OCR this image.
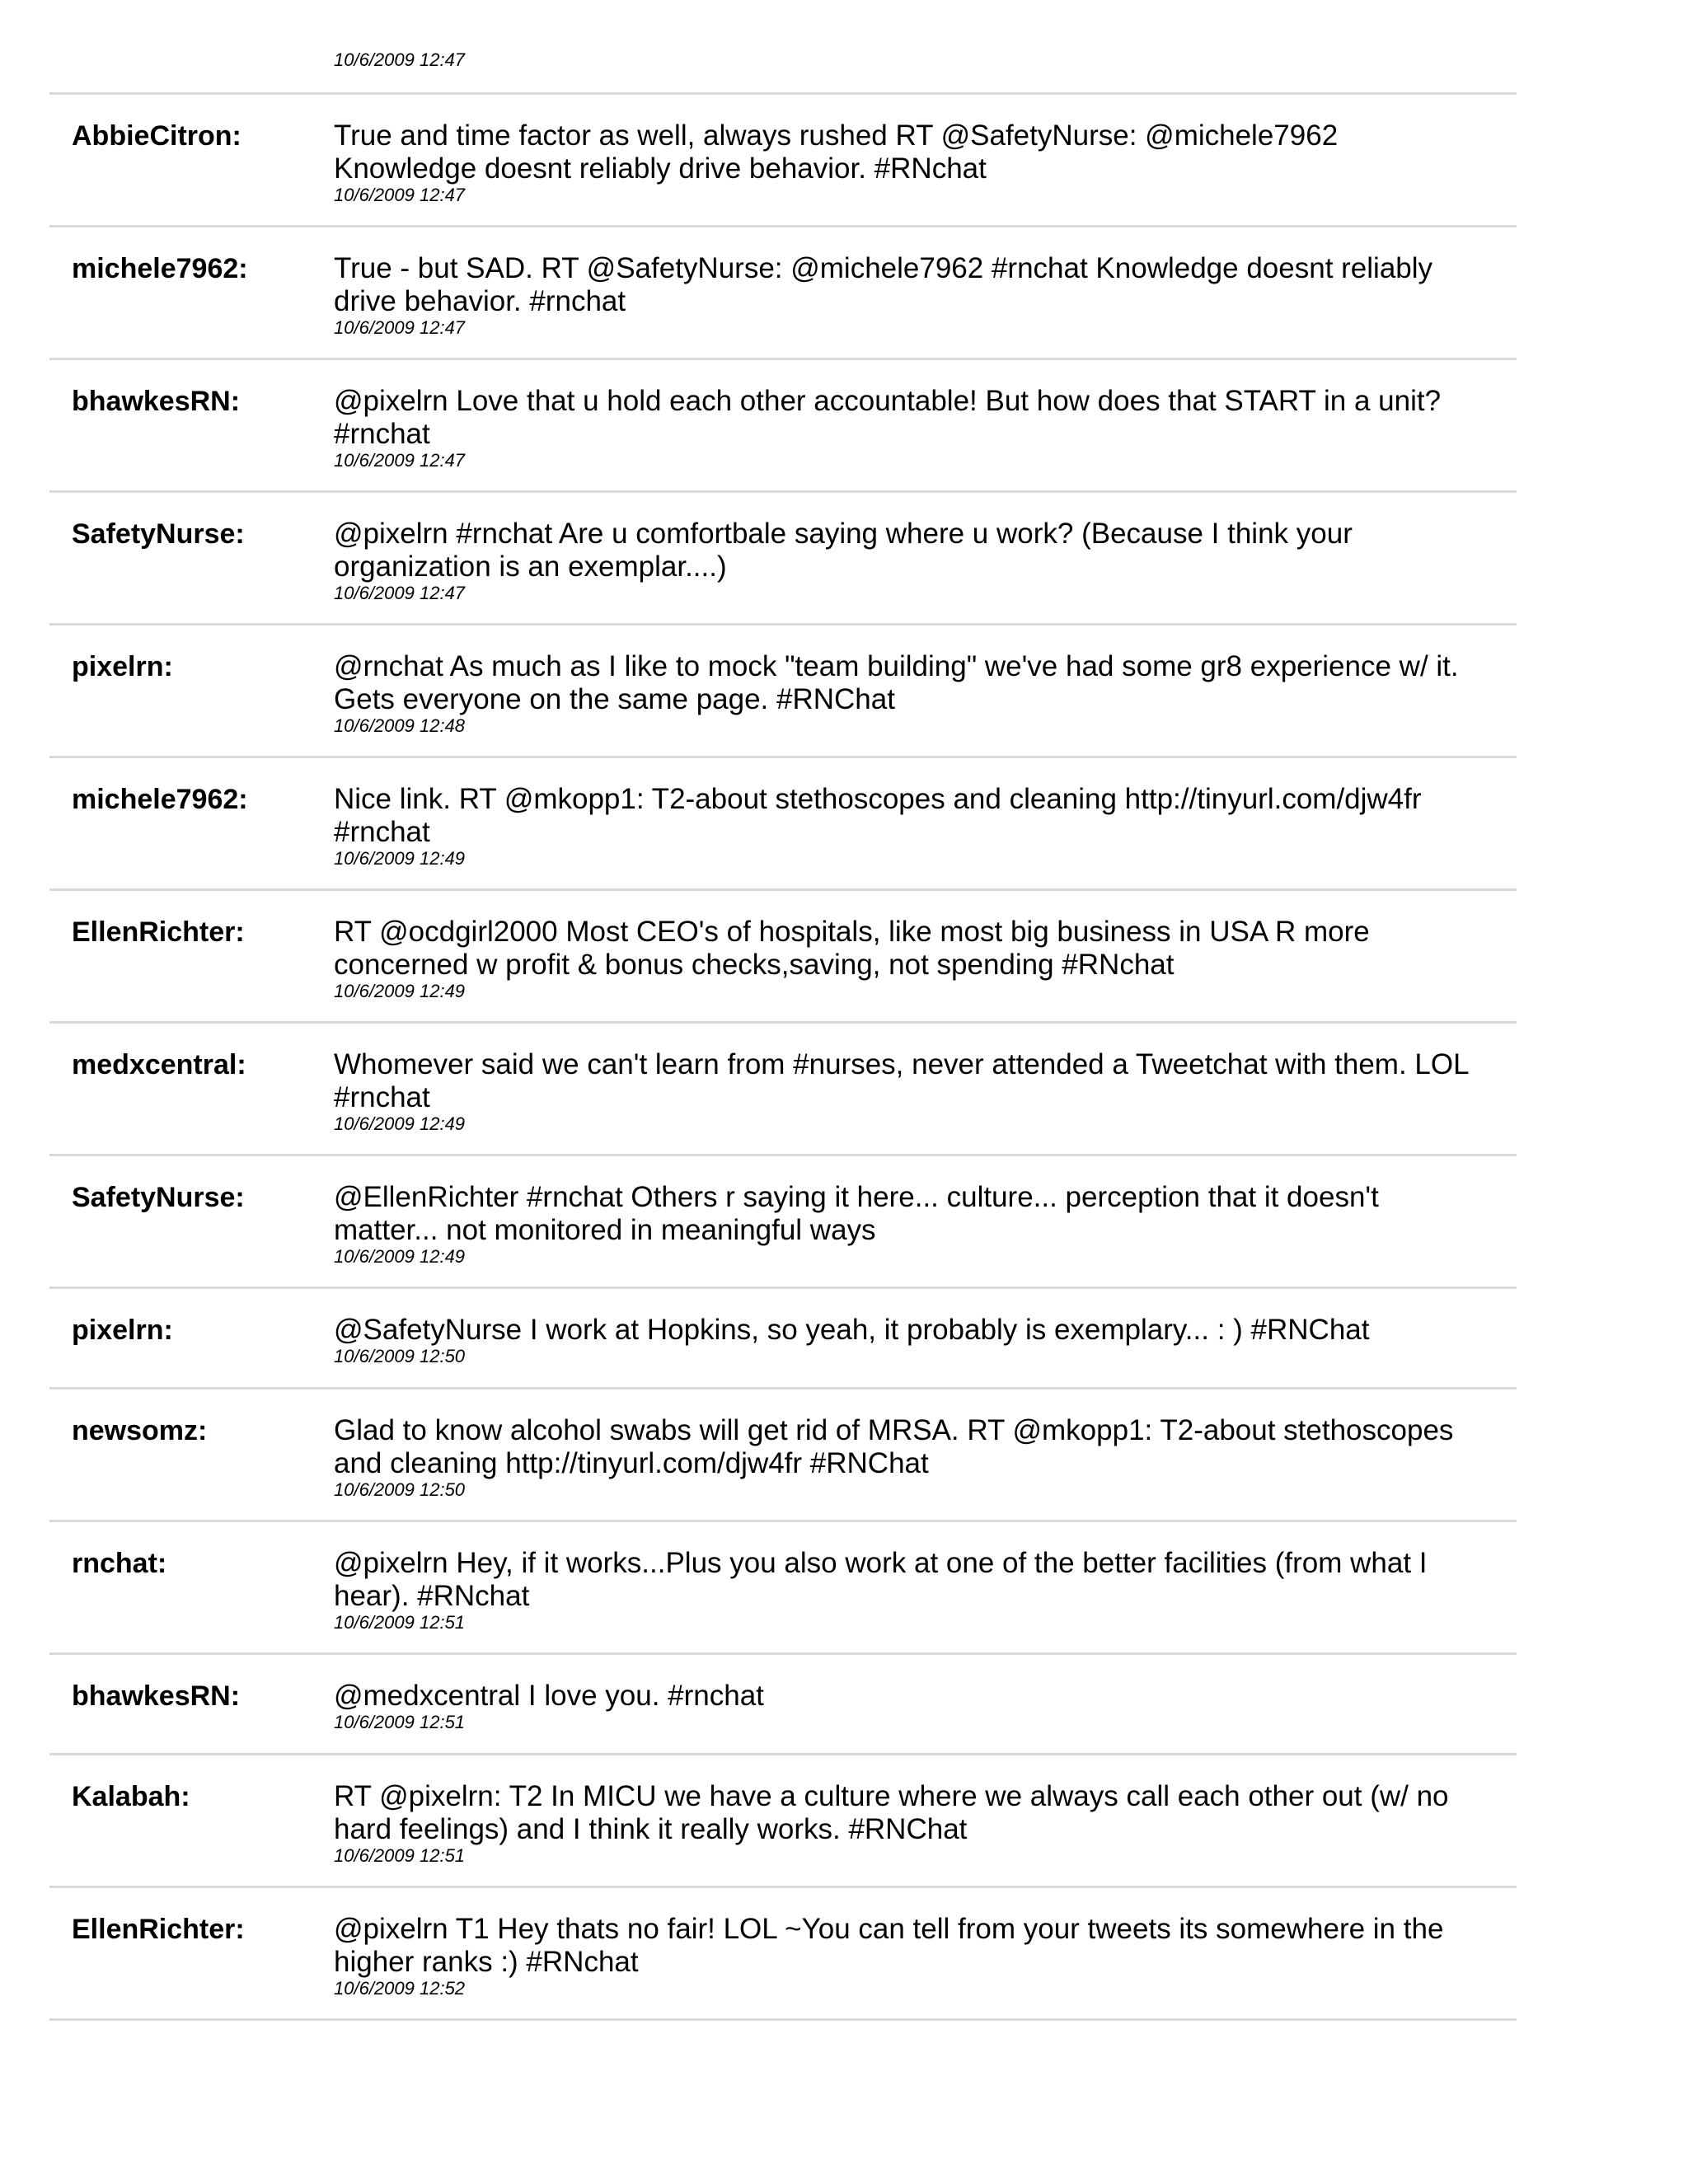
10/6/2009 12:47
AbbieCitron:	True and time factor as well, always rushed RT @SafetyNurse: @michele7962
Knowledge doesnt reliably drive behavior. #RNchat
10/6/2009 12:47
michele7962:	True - but SAD. RT @SafetyNurse: @michele7962 #rnchat Knowledge doesnt reliably
drive behavior. #rnchat
10/6/2009 12:47
bhawkesRN:	@pixelrn Love that u hold each other accountable! But how does that START in a unit?
#rnchat
10/6/2009 12:47
SafetyNurse:	@pixelrn #rnchat Are u comfortbale saying where u work? (Because I think your
organization is an exemplar....)
10/6/2009 12:47
pixelrn:	@rnchat As much as I like to mock "team building" we've had some gr8 experience w/ it.
Gets everyone on the same page. #RNChat
10/6/2009 12:48
michele7962:	Nice link. RT @mkopp1: T2-about stethoscopes and cleaning http://tinyurl.com/djw4fr
#rnchat
10/6/2009 12:49
EllenRichter:	RT @ocdgirl2000 Most CEO's of hospitals, like most big business in USA R more
concerned w profit & bonus checks,saving, not spending #RNchat
10/6/2009 12:49
medxcentral:	Whomever said we can't learn from #nurses, never attended a Tweetchat with them. LOL
#rnchat
10/6/2009 12:49
SafetyNurse:	@EllenRichter #rnchat Others r saying it here... culture... perception that it doesn't
matter... not monitored in meaningful ways
10/6/2009 12:49
pixelrn:	@SafetyNurse I work at Hopkins, so yeah, it probably is exemplary... : ) #RNChat
10/6/2009 12:50
newsomz:	Glad to know alcohol swabs will get rid of MRSA. RT @mkopp1: T2-about stethoscopes
and cleaning http://tinyurl.com/djw4fr #RNChat
10/6/2009 12:50
rnchat:	@pixelrn Hey, if it works...Plus you also work at one of the better facilities (from what I
hear). #RNchat
10/6/2009 12:51
bhawkesRN:	@medxcentral I love you. #rnchat
10/6/2009 12:51
Kalabah:	RT @pixelrn: T2 In MICU we have a culture where we always call each other out (w/ no
hard feelings) and I think it really works. #RNChat
10/6/2009 12:51
EllenRichter:	@pixelrn T1 Hey thats no fair! LOL ~You can tell from your tweets its somewhere in the
higher ranks :) #RNchat
10/6/2009 12:52
